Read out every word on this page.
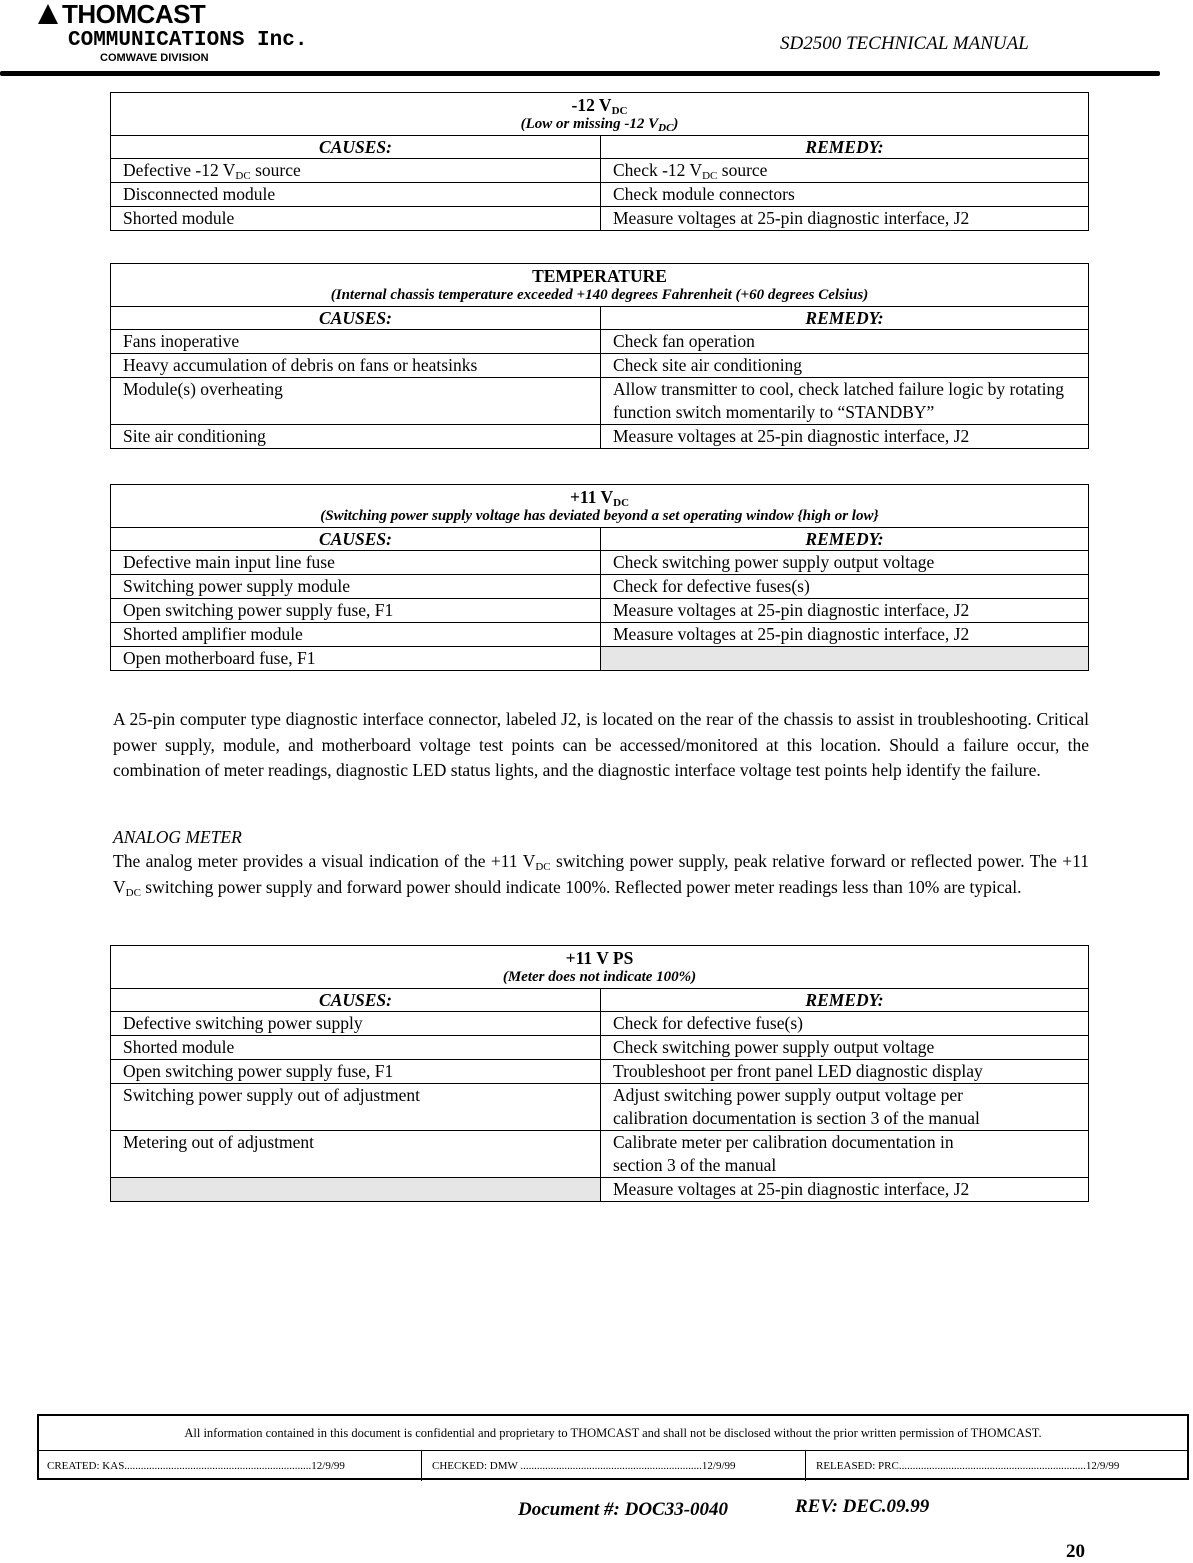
THOMCAST
COMMUNICATIONS Inc.
COMWAVE DIVISION
SD2500 TECHNICAL MANUAL
-12 $V_{DC}$
(Low or missing -12 $V_{DC}$)	

CAUSES:	REMEDY:
Defective -12 $V_{DC}$ source	Check -12 $V_{DC}$ source
Disconnected module	Check module connectors
Shorted module	Measure voltages at 25-pin diagnostic interface, J2
TEMPERATURE
(Internal chassis temperature exceeded +140 degrees Fahrenheit (+60 degrees Celsius)	

CAUSES:	REMEDY:
Fans inoperative	Check fan operation
Heavy accumulation of debris on fans or heatsinks	Check site air conditioning
Module(s) overheating	Allow transmitter to cool, check latched failure logic by rotating function switch momentarily to “STANDBY”
Site air conditioning	Measure voltages at 25-pin diagnostic interface, J2
+11 $V_{DC}$
(Switching power supply voltage has deviated beyond a set operating window {high or low}	

CAUSES:	REMEDY:
Defective main input line fuse	Check switching power supply output voltage
Switching power supply module	Check for defective fuses(s)
Open switching power supply fuse, F1	Measure voltages at 25-pin diagnostic interface, J2
Shorted amplifier module	Measure voltages at 25-pin diagnostic interface, J2
Open motherboard fuse, F1	
A 25-pin computer type diagnostic interface connector, labeled J2, is located on the rear of the chassis to assist in troubleshooting. Critical power supply, module, and motherboard voltage test points can be accessed/monitored at this location. Should a failure occur, the combination of meter readings, diagnostic LED status lights, and the diagnostic interface voltage test points help identify the failure.
ANALOG METER
The analog meter provides a visual indication of the +11 $V_{DC}$ switching power supply, peak relative forward or reflected power. The +11 $V_{DC}$ switching power supply and forward power should indicate 100%. Reflected power meter readings less than 10% are typical.
+11 V PS
(Meter does not indicate 100%)	

CAUSES:	REMEDY:
Defective switching power supply	Check for defective fuse(s)
Shorted module	Check switching power supply output voltage
Open switching power supply fuse, F1	Troubleshoot per front panel LED diagnostic display
Switching power supply out of adjustment	Adjust switching power supply output voltage per
calibration documentation is section 3 of the manual

Metering out of adjustment	Calibrate meter per calibration documentation in
section 3 of the manual

	Measure voltages at 25-pin diagnostic interface, J2
All information contained in this document is confidential and proprietary to THOMCAST and shall not be disclosed without the prior written permission of THOMCAST.
CREATED: KAS....................................................................12/9/99	CHECKED: DMW ..................................................................12/9/99	RELEASED: PRC....................................................................12/9/99
Document #: DOC33-0040	REV: DEC.09.99
20
